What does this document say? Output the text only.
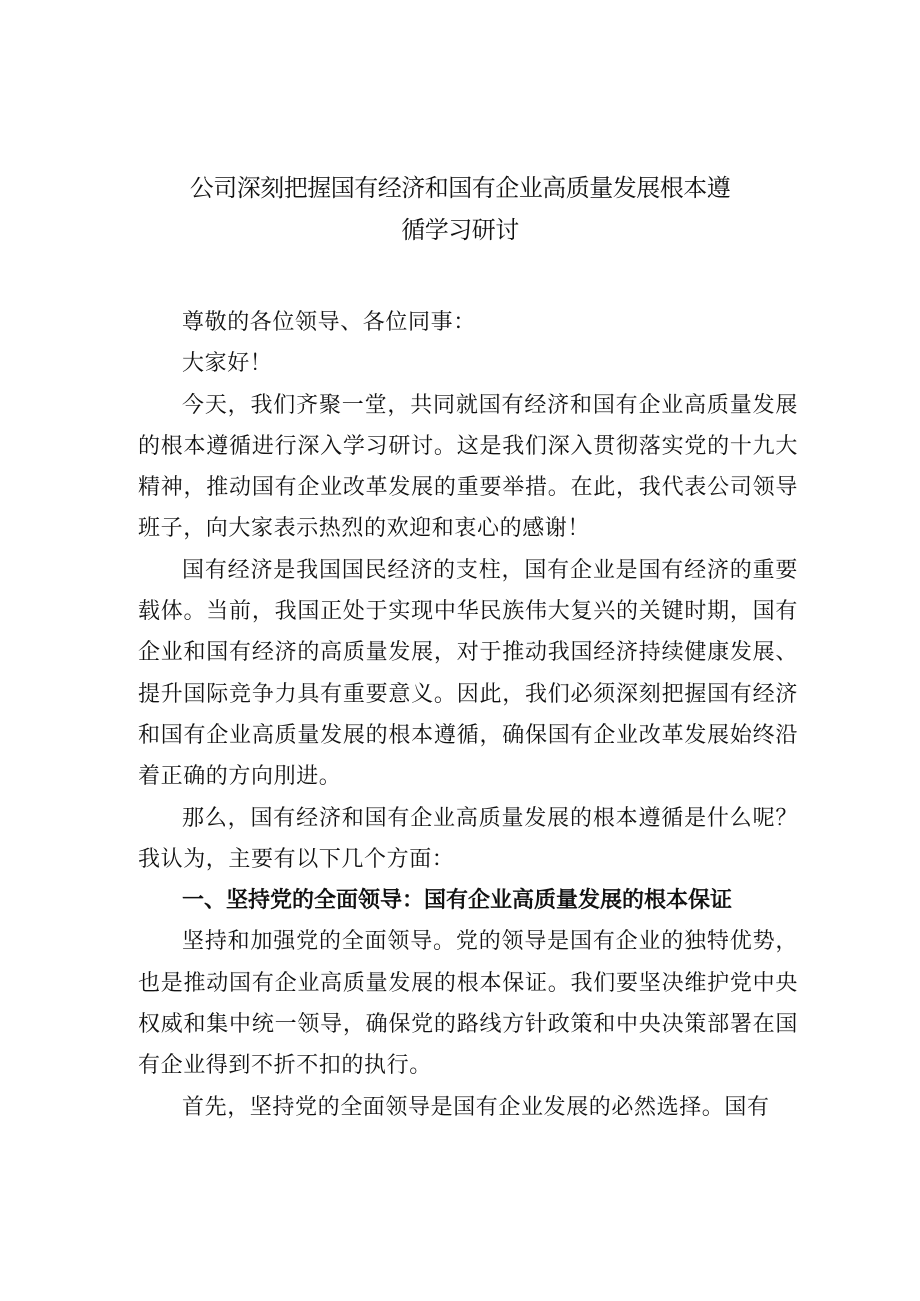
公司深刻把握国有经济和国有企业高质量发展根本遵
循学习研讨

尊敬的各位领导、各位同事：

大家好！

今天，我们齐聚一堂，共同就国有经济和国有企业高质量发展的根本遵循进行深入学习研讨。这是我们深入贯彻落实党的十九大精神，推动国有企业改革发展的重要举措。在此，我代表公司领导班子，向大家表示热烈的欢迎和衷心的感谢！

国有经济是我国国民经济的支柱，国有企业是国有经济的重要载体。当前，我国正处于实现中华民族伟大复兴的关键时期，国有企业和国有经济的高质量发展，对于推动我国经济持续健康发展、提升国际竞争力具有重要意义。因此，我们必须深刻把握国有经济和国有企业高质量发展的根本遵循，确保国有企业改革发展始终沿着正确的方向刖进。

那么，国有经济和国有企业高质量发展的根本遵循是什么呢？我认为，主要有以下几个方面：

一、坚持党的全面领导：国有企业高质量发展的根本保证

坚持和加强党的全面领导。党的领导是国有企业的独特优势，也是推动国有企业高质量发展的根本保证。我们要坚决维护党中央权威和集中统一领导，确保党的路线方针政策和中央决策部署在国有企业得到不折不扣的执行。

首先，坚持党的全面领导是国有企业发展的必然选择。国有
